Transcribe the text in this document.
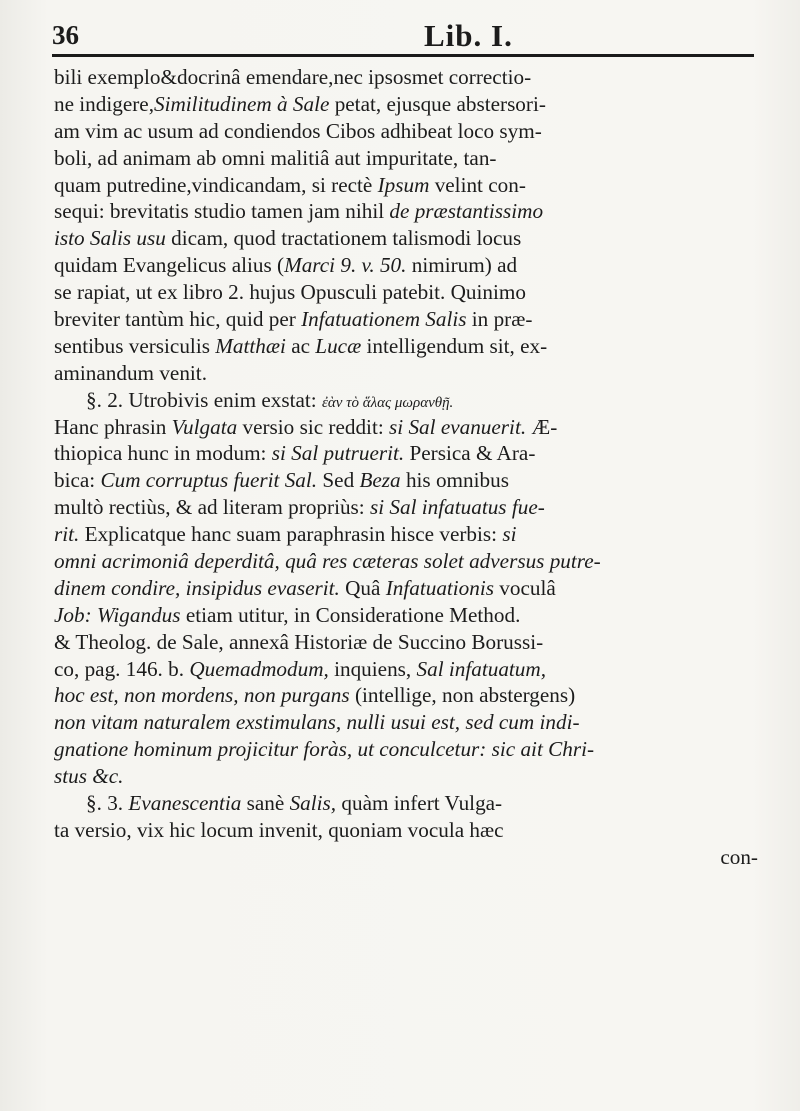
36	Lib. I.
bili exemplo&docrinâ emendare,nec ipsosmet correctio-
ne indigere,Similitudinem à Sale petat, ejusque abstersori-
am vim ac usum ad condiendos Cibos adhibeat loco sym-
boli, ad animam ab omni malitiâ aut impuritate, tan-
quam putredine,vindicandam, si rectè Ipsum velint con-
sequi: brevitatis studio tamen jam nihil de præstantissimo
isto Salis usu dicam, quod tractationem talismodi locus
quidam Evangelicus alius (Marci 9. v. 50. nimirum) ad
se rapiat, ut ex libro 2. hujus Opusculi patebit. Quinimo
breviter tantùm hic, quid per Infatuationem Salis in præ-
sentibus versiculis Matthæi ac Lucæ intelligendum sit, ex-
aminandum venit.
§. 2. Utrobivis enim exstat: ἐὰν τὸ ἅλας μωρανθῇ.
Hanc phrasin Vulgata versio sic reddit: si Sal evanuerit. Æ-
thiopica hunc in modum: si Sal putruerit. Persica & Ara-
bica: Cum corruptus fuerit Sal. Sed Beza his omnibus
multò rectiùs, & ad literam propriùs: si Sal infatuatus fue-
rit. Explicatque hanc suam paraphrasin hisce verbis: si
omni acrimoniâ deperditâ, quâ res cæteras solet adversus putre-
dinem condire, insipidus evaserit. Quâ Infatuationis voculâ
Job: Wigandus etiam utitur, in Consideratione Method.
& Theolog. de Sale, annexâ Historiæ de Succino Borussi-
co, pag. 146. b. Quemadmodum, inquiens, Sal infatuatum,
hoc est, non mordens, non purgans (intellige, non abstergens)
non vitam naturalem exstimulans, nulli usui est, sed cum indi-
gnatione hominum projicitur foràs, ut conculcetur: sic ait Chri-
stus &c.
§. 3. Evanescentia sanè Salis, quàm infert Vulga-
ta versio, vix hic locum invenit, quoniam vocula hæc
con-
